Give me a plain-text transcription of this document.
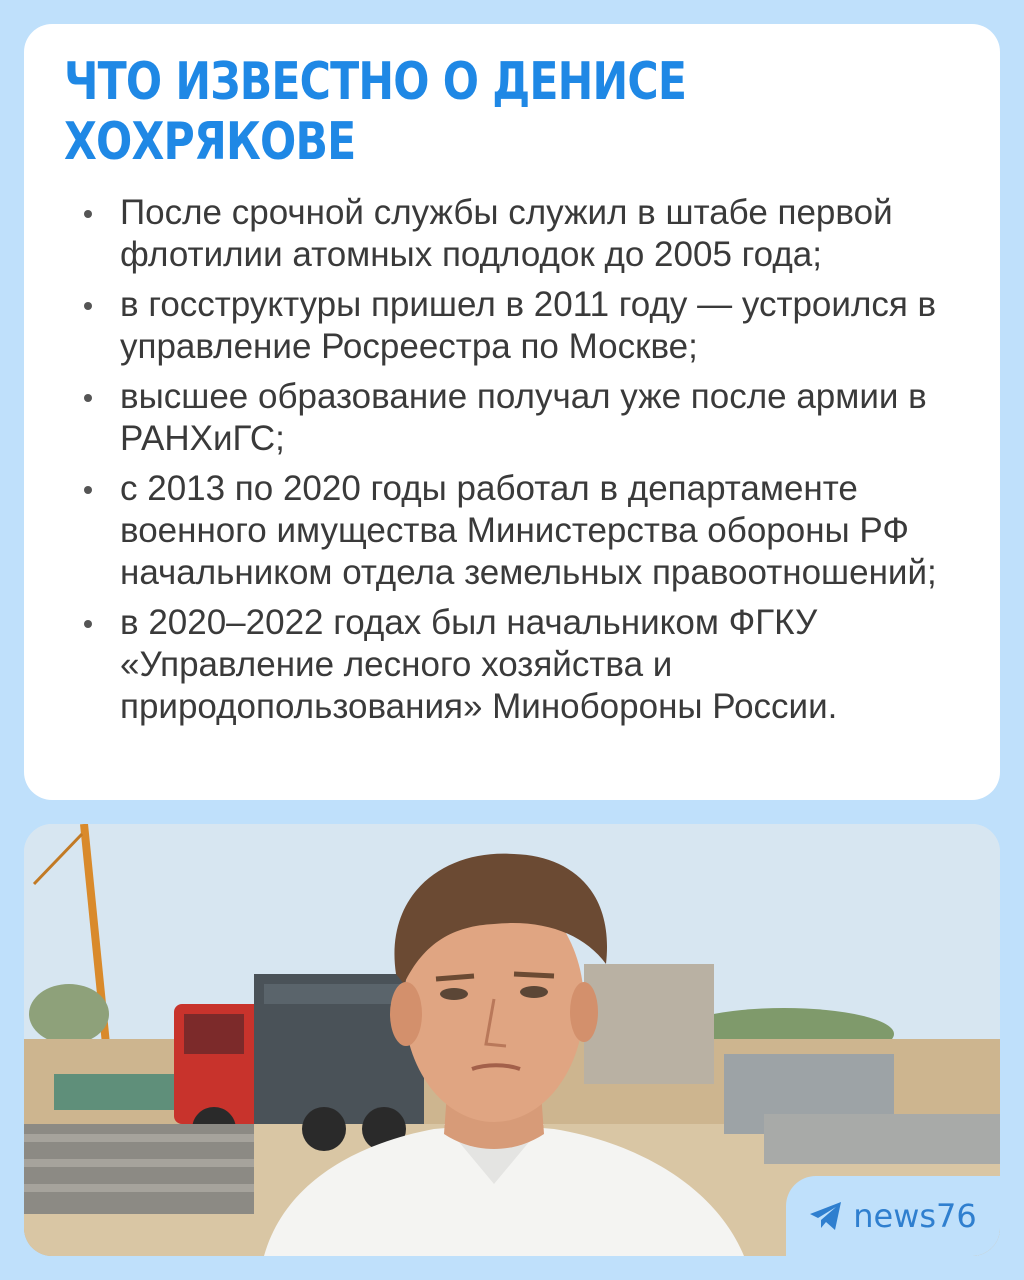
ЧТО ИЗВЕСТНО О ДЕНИСЕ ХОХРЯКОВЕ
После срочной службы служил в штабе первой флотилии атомных подлодок до 2005 года;
в госструктуры пришел в 2011 году — устроился в управление Росреестра по Москве;
высшее образование получал уже после армии в РАНХиГС;
с 2013 по 2020 годы работал в департаменте военного имущества Министерства обороны РФ начальником отдела земельных правоотношений;
в 2020–2022 годах был начальником ФГКУ «Управление лесного хозяйства и природопользования» Минобороны России.
news76
